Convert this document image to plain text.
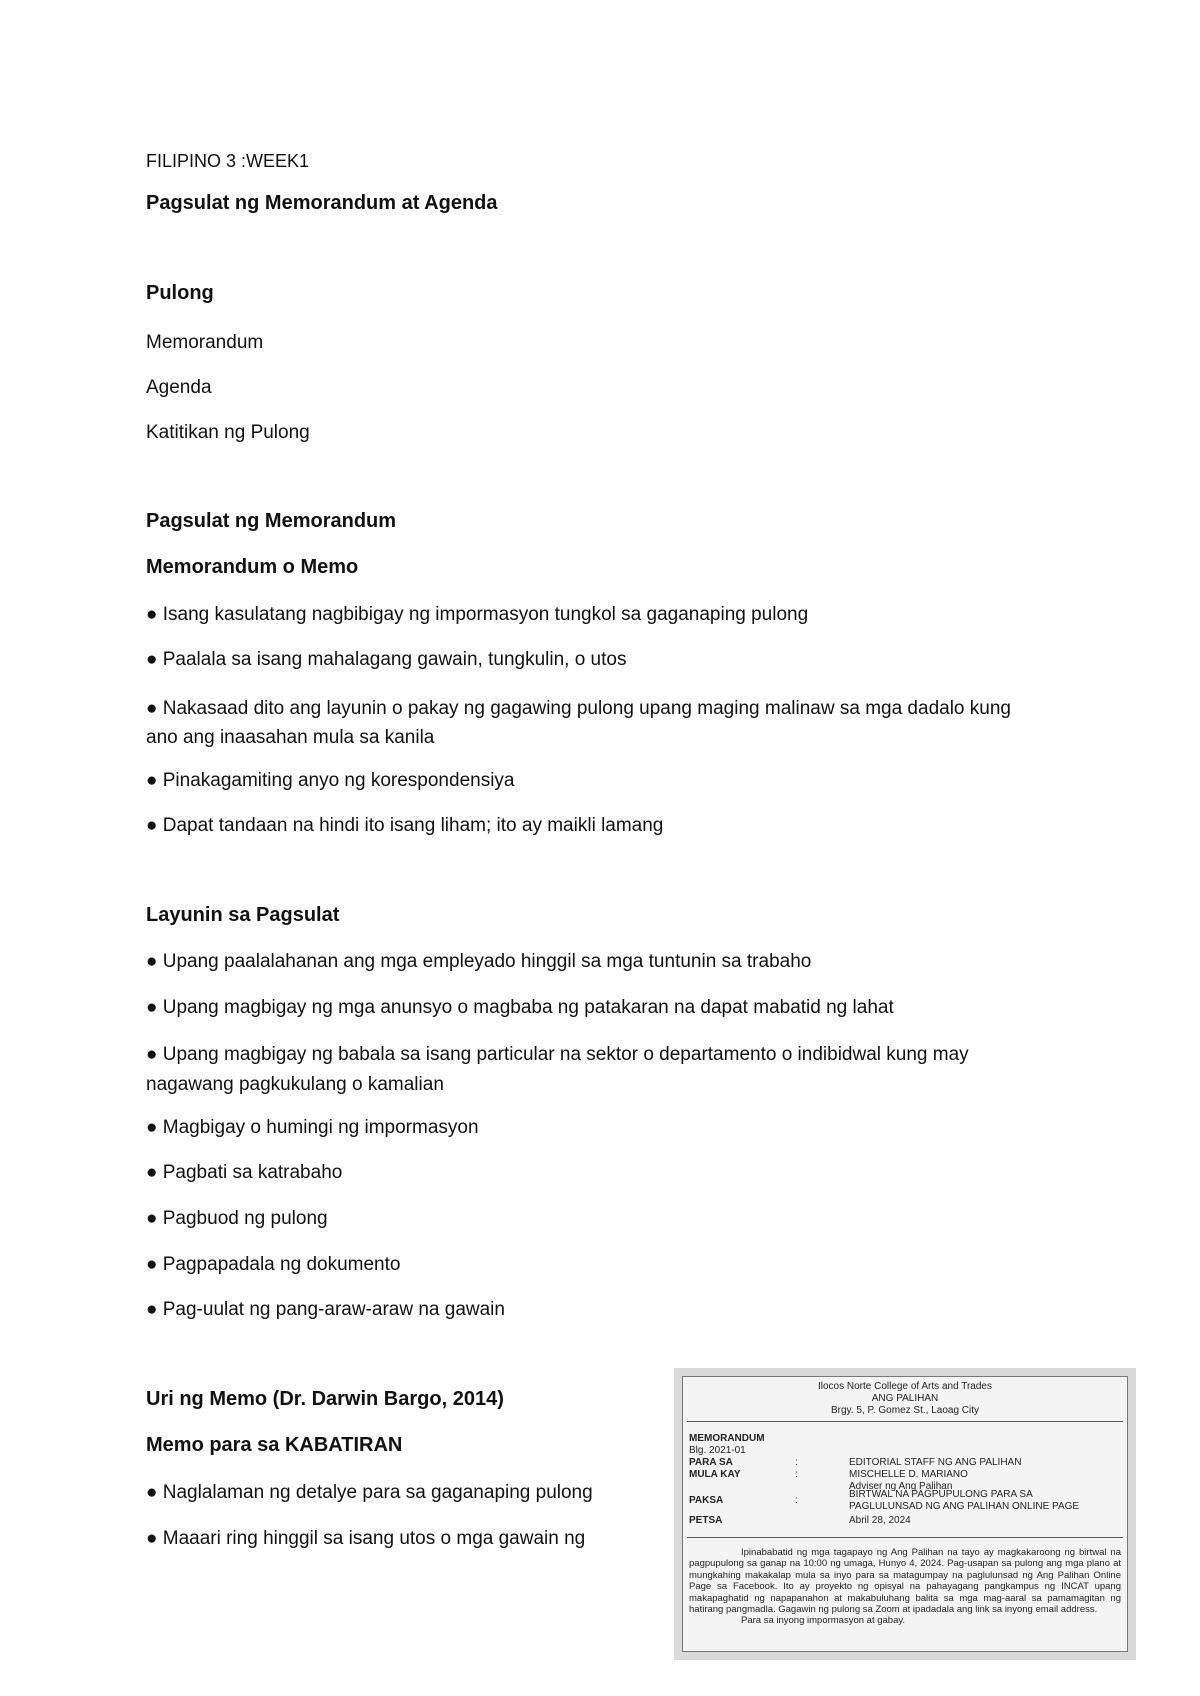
FILIPINO 3 :WEEK1
Pagsulat ng Memorandum at Agenda
Pulong
Memorandum
Agenda
Katitikan ng Pulong
Pagsulat ng Memorandum
Memorandum o Memo
● Isang kasulatang nagbibigay ng impormasyon tungkol sa gaganaping pulong
● Paalala sa isang mahalagang gawain, tungkulin, o utos
● Nakasaad dito ang layunin o pakay ng gagawing pulong upang maging malinaw sa mga dadalo kung ano ang inaasahan mula sa kanila
● Pinakagamiting anyo ng korespondensiya
● Dapat tandaan na hindi ito isang liham; ito ay maikli lamang
Layunin sa Pagsulat
● Upang paalalahanan ang mga empleyado hinggil sa mga tuntunin sa trabaho
● Upang magbigay ng mga anunsyo o magbaba ng patakaran na dapat mabatid ng lahat
● Upang magbigay ng babala sa isang particular na sektor o departamento o indibidwal kung may nagawang pagkukulang o kamalian
● Magbigay o humingi ng impormasyon
● Pagbati sa katrabaho
● Pagbuod ng pulong
● Pagpapadala ng dokumento
● Pag-uulat ng pang-araw-araw na gawain
Uri ng Memo (Dr. Darwin Bargo, 2014)
Memo para sa KABATIRAN
● Naglalaman ng detalye para sa gaganaping pulong
● Maaari ring hinggil sa isang utos o mga gawain ng
Ilocos Norte College of Arts and Trades
ANG PALIHAN
Brgy. 5, P. Gomez St., Laoag City
MEMORANDUM
Blg. 2021-01
PARA SA	:	EDITORIAL STAFF NG ANG PALIHAN
MULA KAY	:	MISCHELLE D. MARIANO
Adviser ng Ang Palihan
PAKSA	:
BIRTWAL NA PAGPUPULONG PARA SA
PAGLULUNSAD NG ANG PALIHAN ONLINE PAGE
PETSA	Abril 28, 2024
Ipinababatid ng mga tagapayo ng Ang Palihan na tayo ay magkakaroong ng birtwal na pagpupulong sa ganap na 10:00 ng umaga, Hunyo 4, 2024. Pag-usapan sa pulong ang mga plano at mungkahing makakalap mula sa inyo para sa matagumpay na paglulunsad ng Ang Palihan Online Page sa Facebook. Ito ay proyekto ng opisyal na pahayagang pangkampus ng INCAT upang makapaghatid ng napapanahon at makabuluhang balita sa mga mag-aaral sa pamamagitan ng hatirang pangmadla. Gagawin ng pulong sa Zoom at ipadadala ang link sa inyong email address.
Para sa inyong impormasyon at gabay.
